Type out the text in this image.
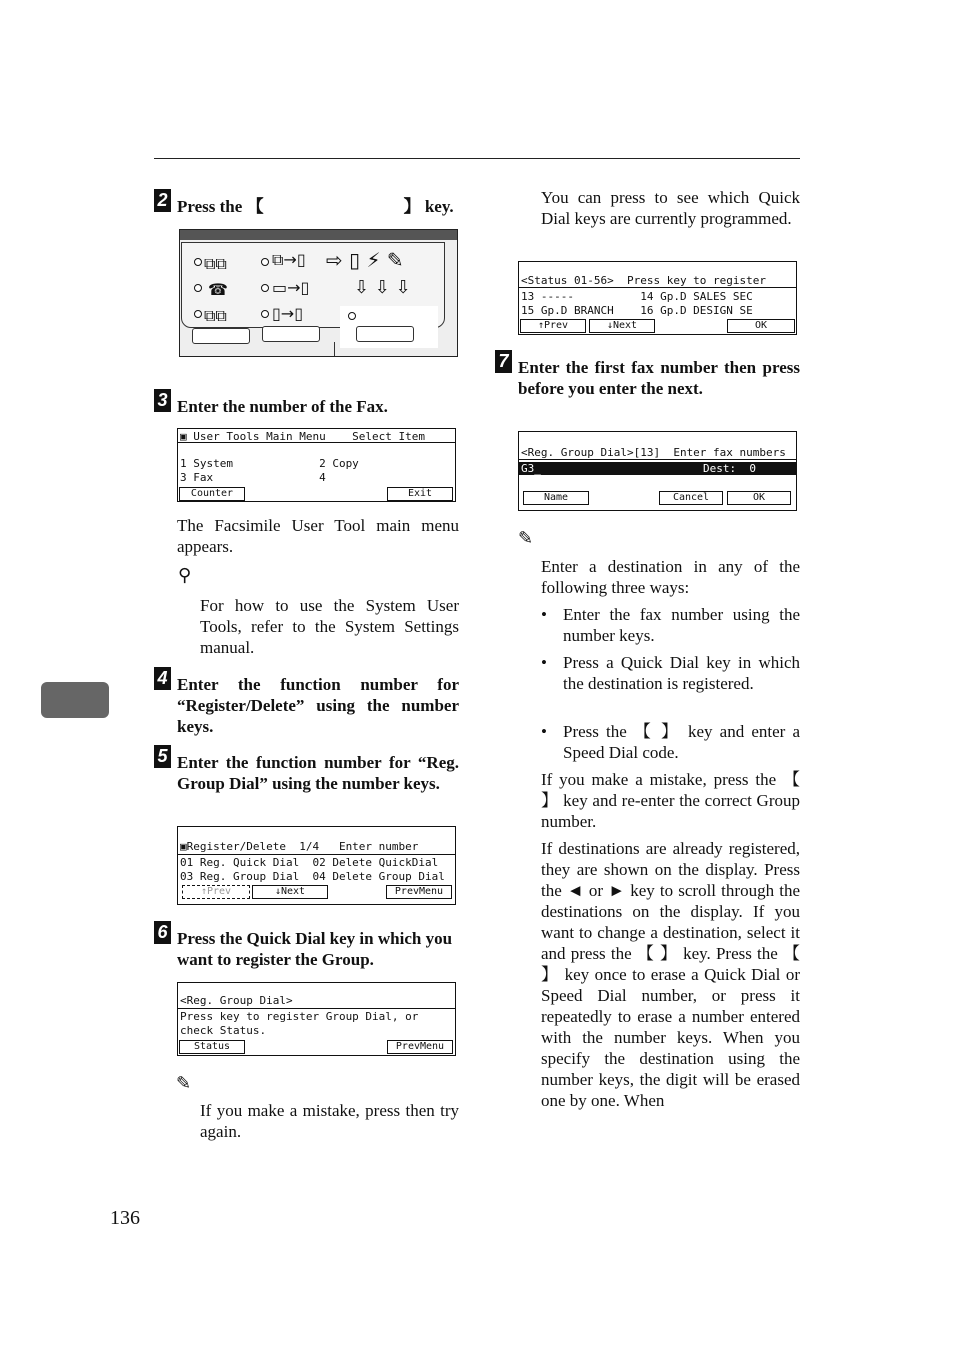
136
2 Press the 【	】 key.
⧉⧉
☎
⧉⧉
⧉→▯
▭→▯
▯→▯
⇨ ▯ ⚡ ✎
⇩ ⇩ ⇩
3 Enter the number of the Fax.
▣ User Tools Main Menu    Select Item
1 System             2 Copy
3 Fax                4
Counter	Exit
The Facsimile User Tool main menu appears.
⚲
For how to use the System User Tools, refer to the System Settings manual.
4 Enter the function number for “Register/Delete” using the number keys.
5 Enter the function number for “Reg. Group Dial” using the number keys.
▣Register/Delete  1/4   Enter number
01 Reg. Quick Dial  02 Delete QuickDial
03 Reg. Group Dial  04 Delete Group Dial
↑Prev	↓Next	PrevMenu
6 Press the Quick Dial key in which you want to register the Group.
<Reg. Group Dial>
Press key to register Group Dial, or
check Status.
Status	PrevMenu
✎
If you make a mistake, press then try again.
You can press to see which Quick Dial keys are currently programmed.
<Status 01-56>  Press key to register
13 -----          14 Gp.D SALES SEC
15 Gp.D BRANCH    16 Gp.D DESIGN SE
↑Prev	↓Next	OK
7 Enter the first fax number then press before you enter the next.
<Reg. Group Dial>[13]  Enter fax numbers
G3_	Dest:  0
Name	Cancel	OK
✎
Enter a destination in any of the following three ways:
• Enter the fax number using the number keys.
• Press a Quick Dial key in which the destination is registered.
• Press the 【 】 key and enter a Speed Dial code.
If you make a mistake, press the 【 】 key and re-enter the correct Group number.
If destinations are already registered, they are shown on the display. Press the ◄ or ► key to scroll through the destinations on the display. If you want to change a destination, select it and press the 【 】 key. Press the 【 】 key once to erase a Quick Dial or Speed Dial number, or press it repeatedly to erase a number entered with the number keys. When you specify the destination using the number keys, the digit will be erased one by one. When
